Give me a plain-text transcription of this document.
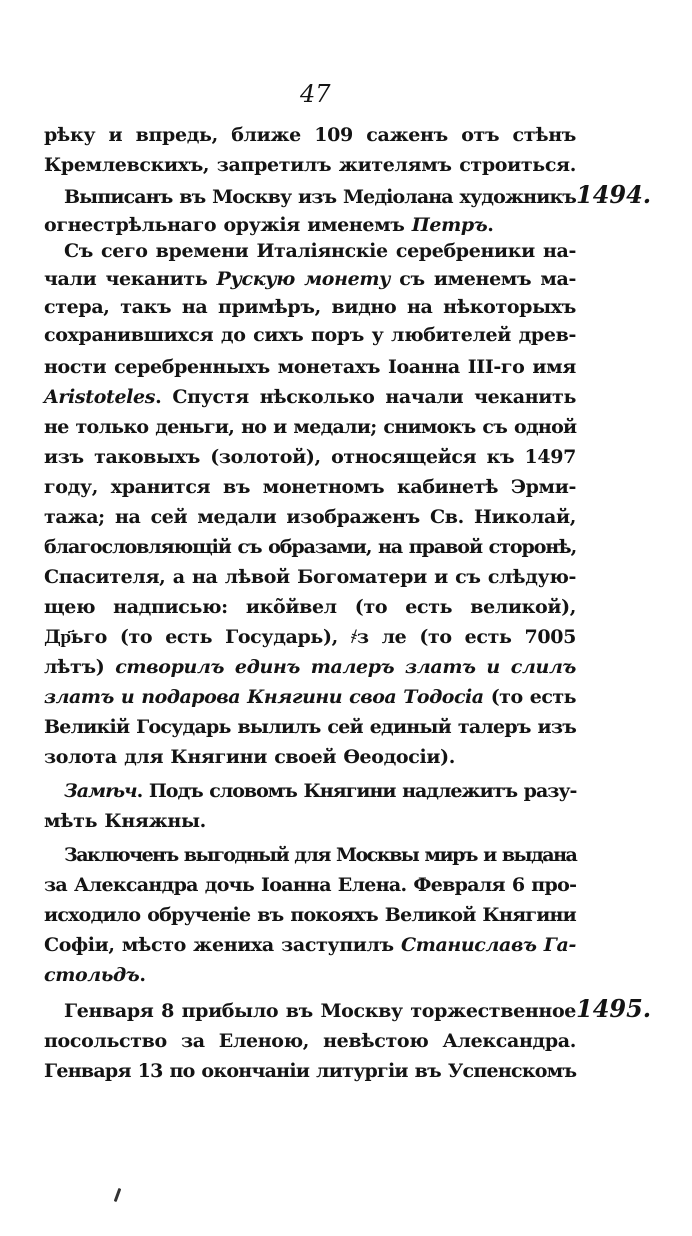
47
рѣку и впредь, ближе 109 саженъ отъ стѣнъ
Кремлевскихъ, запретилъ жителямъ строиться.
Выписанъ въ Москву изъ Медіолана художникъ
огнестрѣльнаго оружія именемъ Петръ.
Съ сего времени Италіянскіе серебреники на-
чали чеканить Рускую монету съ именемъ ма-
стера, такъ на примѣръ, видно на нѣкоторыхъ
сохранившихся до сихъ поръ у любителей древ-
ности серебренныхъ монетахъ Іоанна III-го имя
Aristoteles. Спустя нѣсколько начали чеканить
не только деньги, но и медали; снимокъ съ одной
изъ таковыхъ (золотой), относящейся къ 1497
году, хранится въ монетномъ кабинетѣ Эрми-
тажа; на сей медали изображенъ Св. Николай,
благословляющій съ образами, на правой сторонѣ,
Спасителя, а на лѣвой Богоматери и съ слѣдую-
щею надписью: ико̃йвел (то есть великой),
Др҃ьго (то есть Государь), ҂з ле (то есть 7005
лѣтъ) створилъ единъ талеръ златъ и слилъ
златъ и подарова Княгини своа Тодосіа (то есть
Великій Государь вылилъ сей единый талеръ изъ
золота для Княгини своей Ѳеодосіи).
Замѣч. Подъ словомъ Княгини надлежитъ разу-
мѣть Княжны.
Заключенъ выгодный для Москвы миръ и выдана
за Александра дочь Іоанна Елена. Февраля 6 про-
исходило обрученіе въ покояхъ Великой Княгини
Софіи, мѣсто жениха заступилъ Станиславъ Га-
стольдъ.
Генваря 8 прибыло въ Москву торжественное
посольство за Еленою, невѣстою Александра.
Генваря 13 по окончаніи литургіи въ Успенскомъ
1494.
1495.
